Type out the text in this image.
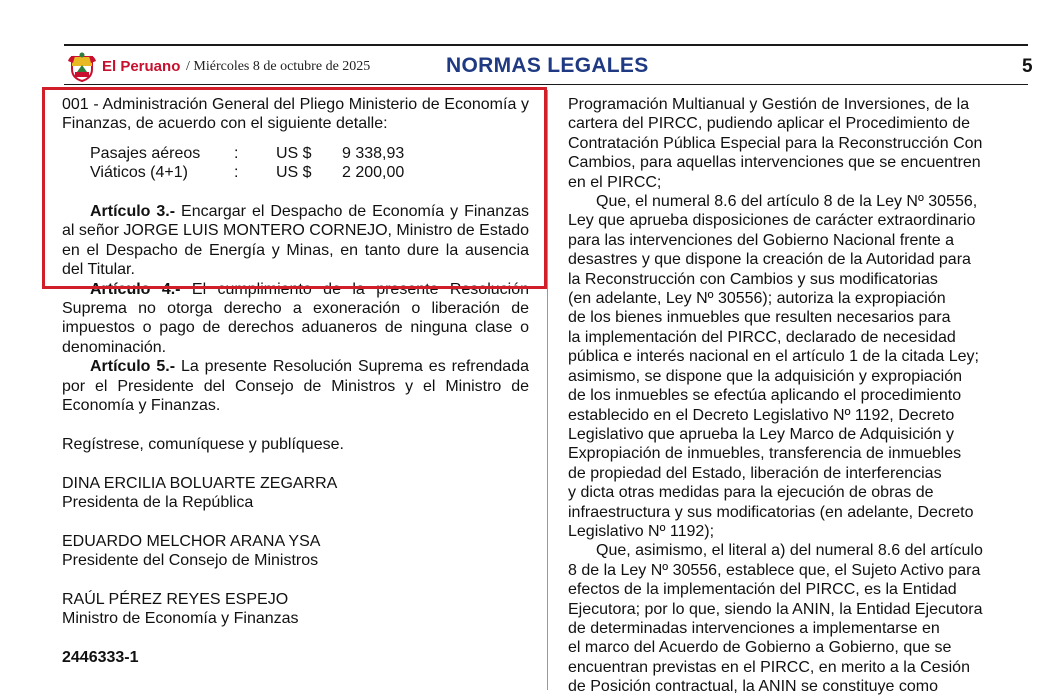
El Peruano / Miércoles 8 de octubre de 2025	NORMAS LEGALES	5

001 - Administración General del Pliego Ministerio de Economía y Finanzas, de acuerdo con el siguiente detalle:

Pasajes aéreos	:	US $	9 338,93
Viáticos (4+1)	:	US $	2 200,00

Artículo 3.- Encargar el Despacho de Economía y Finanzas al señor JORGE LUIS MONTERO CORNEJO, Ministro de Estado en el Despacho de Energía y Minas, en tanto dure la ausencia del Titular.

Artículo 4.- El cumplimiento de la presente Resolución Suprema no otorga derecho a exoneración o liberación de impuestos o pago de derechos aduaneros de ninguna clase o denominación.

Artículo 5.- La presente Resolución Suprema es refrendada por el Presidente del Consejo de Ministros y el Ministro de Economía y Finanzas.

Regístrese, comuníquese y publíquese.

DINA ERCILIA BOLUARTE ZEGARRA

Presidenta de la República

EDUARDO MELCHOR ARANA YSA

Presidente del Consejo de Ministros

RAÚL PÉREZ REYES ESPEJO

Ministro de Economía y Finanzas

2446333-1

Programación Multianual y Gestión de Inversiones, de la

cartera del PIRCC, pudiendo aplicar el Procedimiento de

Contratación Pública Especial para la Reconstrucción Con

Cambios, para aquellas intervenciones que se encuentren

en el PIRCC;

Que, el numeral 8.6 del artículo 8 de la Ley Nº 30556,

Ley que aprueba disposiciones de carácter extraordinario

para las intervenciones del Gobierno Nacional frente a

desastres y que dispone la creación de la Autoridad para

la Reconstrucción con Cambios y sus modificatorias

(en adelante, Ley Nº 30556); autoriza la expropiación

de los bienes inmuebles que resulten necesarios para

la implementación del PIRCC, declarado de necesidad

pública e interés nacional en el artículo 1 de la citada Ley;

asimismo, se dispone que la adquisición y expropiación

de los inmuebles se efectúa aplicando el procedimiento

establecido en el Decreto Legislativo Nº 1192, Decreto

Legislativo que aprueba la Ley Marco de Adquisición y

Expropiación de inmuebles, transferencia de inmuebles

de propiedad del Estado, liberación de interferencias

y dicta otras medidas para la ejecución de obras de

infraestructura y sus modificatorias (en adelante, Decreto

Legislativo Nº 1192);

Que, asimismo, el literal a) del numeral 8.6 del artículo

8 de la Ley Nº 30556, establece que, el Sujeto Activo para

efectos de la implementación del PIRCC, es la Entidad

Ejecutora; por lo que, siendo la ANIN, la Entidad Ejecutora

de determinadas intervenciones a implementarse en

el marco del Acuerdo de Gobierno a Gobierno, que se

encuentran previstas en el PIRCC, en merito a la Cesión

de Posición contractual, la ANIN se constituye como
